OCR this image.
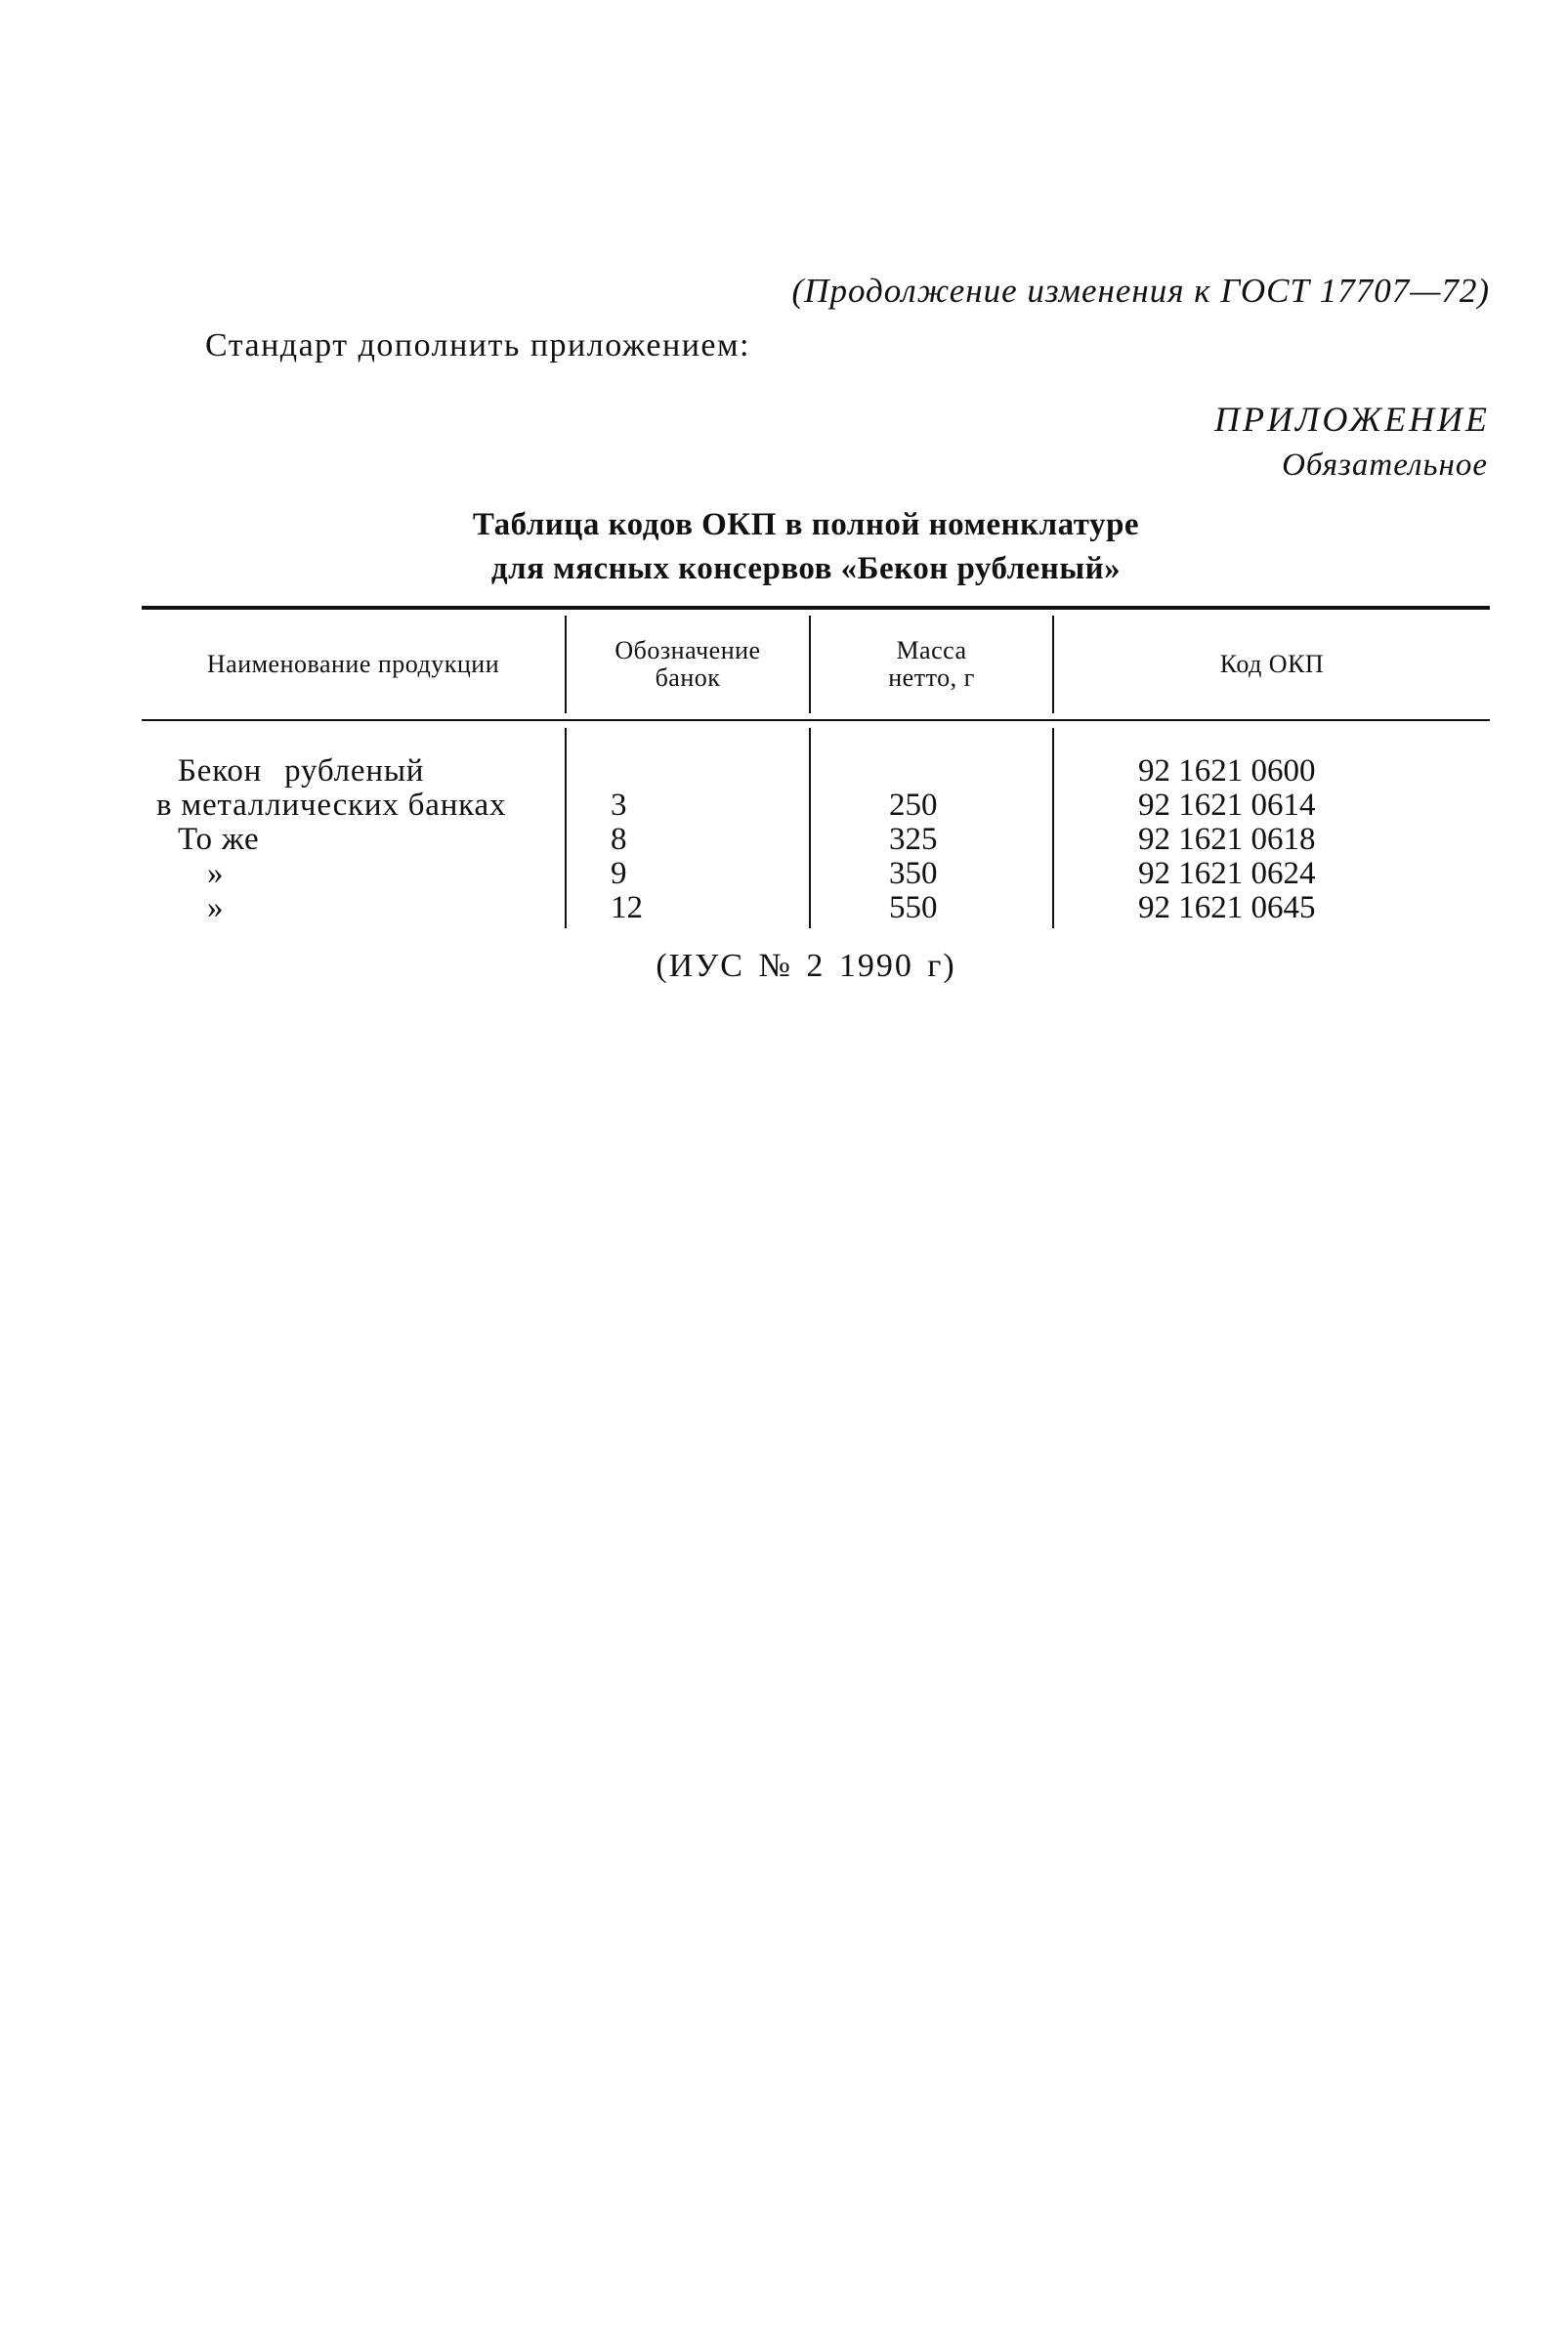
(Продолжение изменения к ГОСТ 17707—72)
Стандарт дополнить приложением:
ПРИЛОЖЕНИЕ
Обязательное
Таблица кодов ОКП в полной номенклатуре
для мясных консервов «Бекон рубленый»
Наименование продукции	Обозначение
банок
Масса
нетто, г	Код ОКП
Бекон рубленый
в металлических банках
То же
»
»
3
8
9
12
250
325
350
550
92 1621 0600
92 1621 0614
92 1621 0618
92 1621 0624
92 1621 0645
(ИУС № 2 1990 г)
